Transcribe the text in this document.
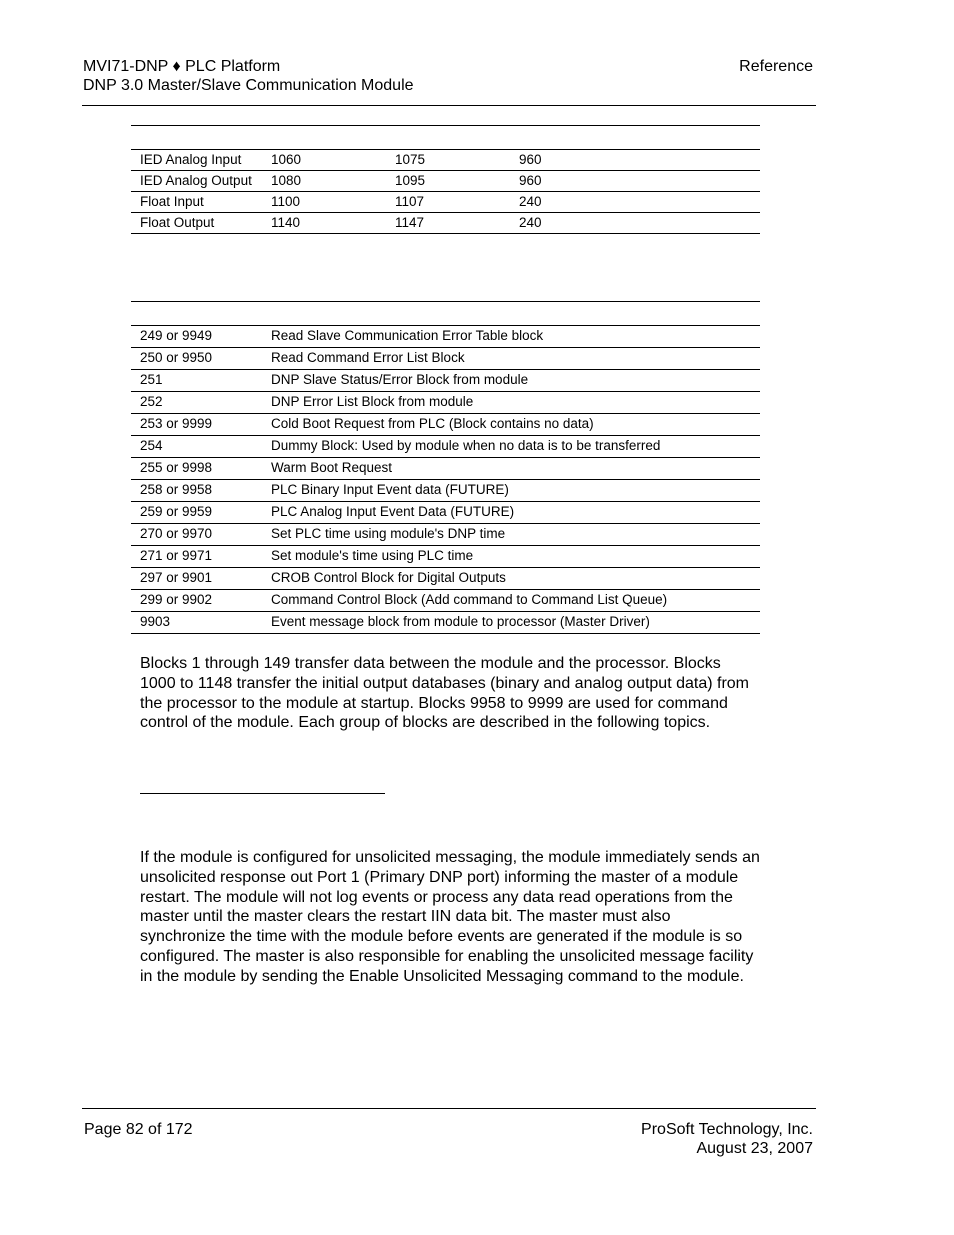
MVI71-DNP ♦ PLC Platform
DNP 3.0 Master/Slave Communication Module
Reference
IED Analog Input	1060	1075	960
IED Analog Output	1080	1095	960
Float Input	1100	1107	240
Float Output	1140	1147	240
249 or 9949	Read Slave Communication Error Table block
250 or 9950	Read Command Error List Block
251	DNP Slave Status/Error Block from module
252	DNP Error List Block from module
253 or 9999	Cold Boot Request from PLC (Block contains no data)
254	Dummy Block: Used by module when no data is to be transferred
255 or 9998	Warm Boot Request
258 or 9958	PLC Binary Input Event data (FUTURE)
259 or 9959	PLC Analog Input Event Data (FUTURE)
270 or 9970	Set PLC time using module's DNP time
271 or 9971	Set module's time using PLC time
297 or 9901	CROB Control Block for Digital Outputs
299 or 9902	Command Control Block (Add command to Command List Queue)
9903	Event message block from module to processor (Master Driver)

Blocks 1 through 149 transfer data between the module and the processor. Blocks 1000 to 1148 transfer the initial output databases (binary and analog output data) from the processor to the module at startup. Blocks 9958 to 9999 are used for command control of the module. Each group of blocks are described in the following topics.

If the module is configured for unsolicited messaging, the module immediately sends an unsolicited response out Port 1 (Primary DNP port) informing the master of a module restart. The module will not log events or process any data read operations from the master until the master clears the restart IIN data bit. The master must also synchronize the time with the module before events are generated if the module is so configured. The master is also responsible for enabling the unsolicited message facility in the module by sending the Enable Unsolicited Messaging command to the module.

Page 82 of 172	ProSoft Technology, Inc.
August 23, 2007
